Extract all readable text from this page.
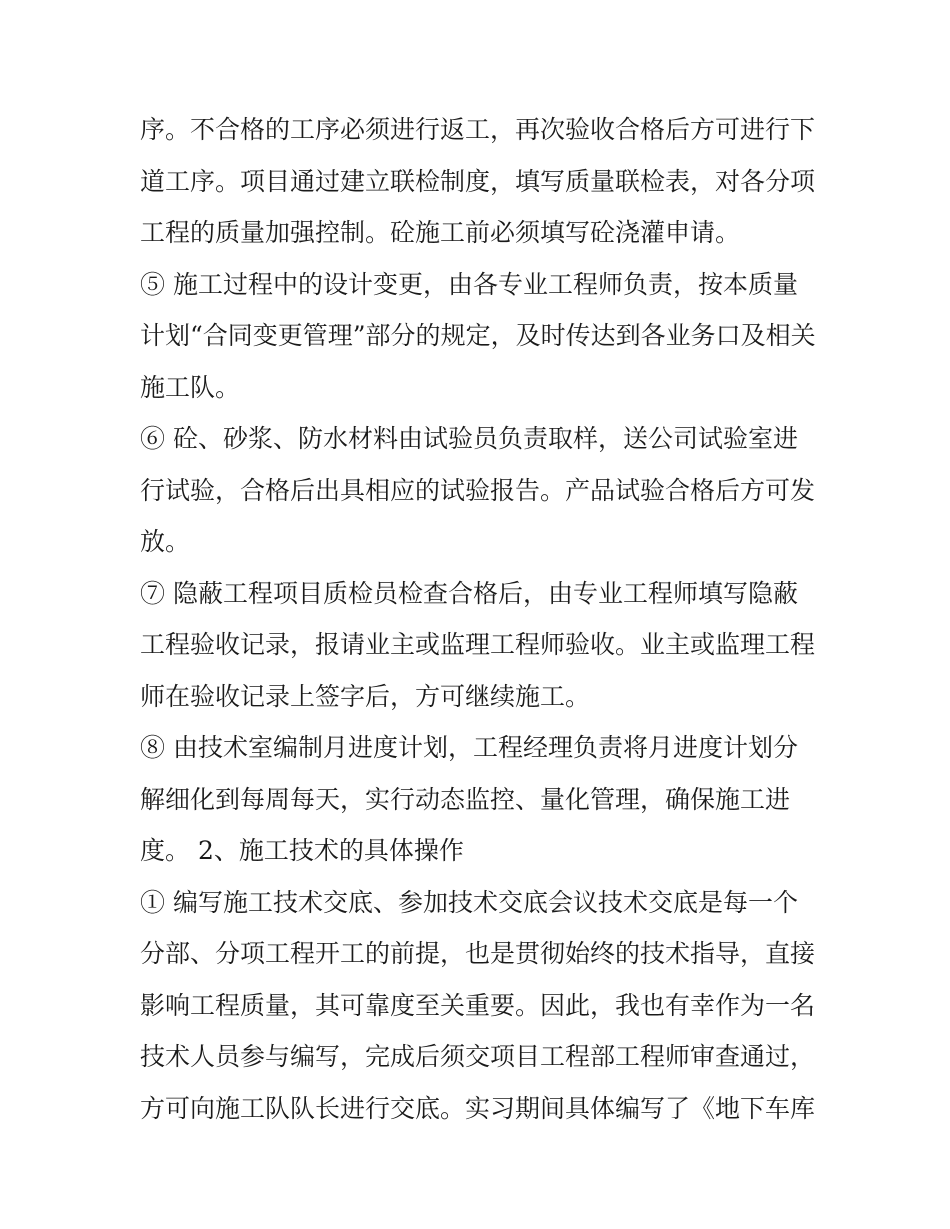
序。不合格的工序必须进行返工，再次验收合格后方可进行下
道工序。项目通过建立联检制度，填写质量联检表，对各分项
工程的质量加强控制。砼施工前必须填写砼浇灌申请。
⑤ 施工过程中的设计变更，由各专业工程师负责，按本质量
计划“合同变更管理”部分的规定，及时传达到各业务口及相关
施工队。
⑥ 砼、砂浆、防水材料由试验员负责取样，送公司试验室进
行试验，合格后出具相应的试验报告。产品试验合格后方可发
放。
⑦ 隐蔽工程项目质检员检查合格后，由专业工程师填写隐蔽
工程验收记录，报请业主或监理工程师验收。业主或监理工程
师在验收记录上签字后，方可继续施工。
⑧ 由技术室编制月进度计划，工程经理负责将月进度计划分
解细化到每周每天，实行动态监控、量化管理，确保施工进
度。 2、施工技术的具体操作
① 编写施工技术交底、参加技术交底会议技术交底是每一个
分部、分项工程开工的前提，也是贯彻始终的技术指导，直接
影响工程质量，其可靠度至关重要。因此，我也有幸作为一名
技术人员参与编写，完成后须交项目工程部工程师审查通过，
方可向施工队队长进行交底。实习期间具体编写了《地下车库
